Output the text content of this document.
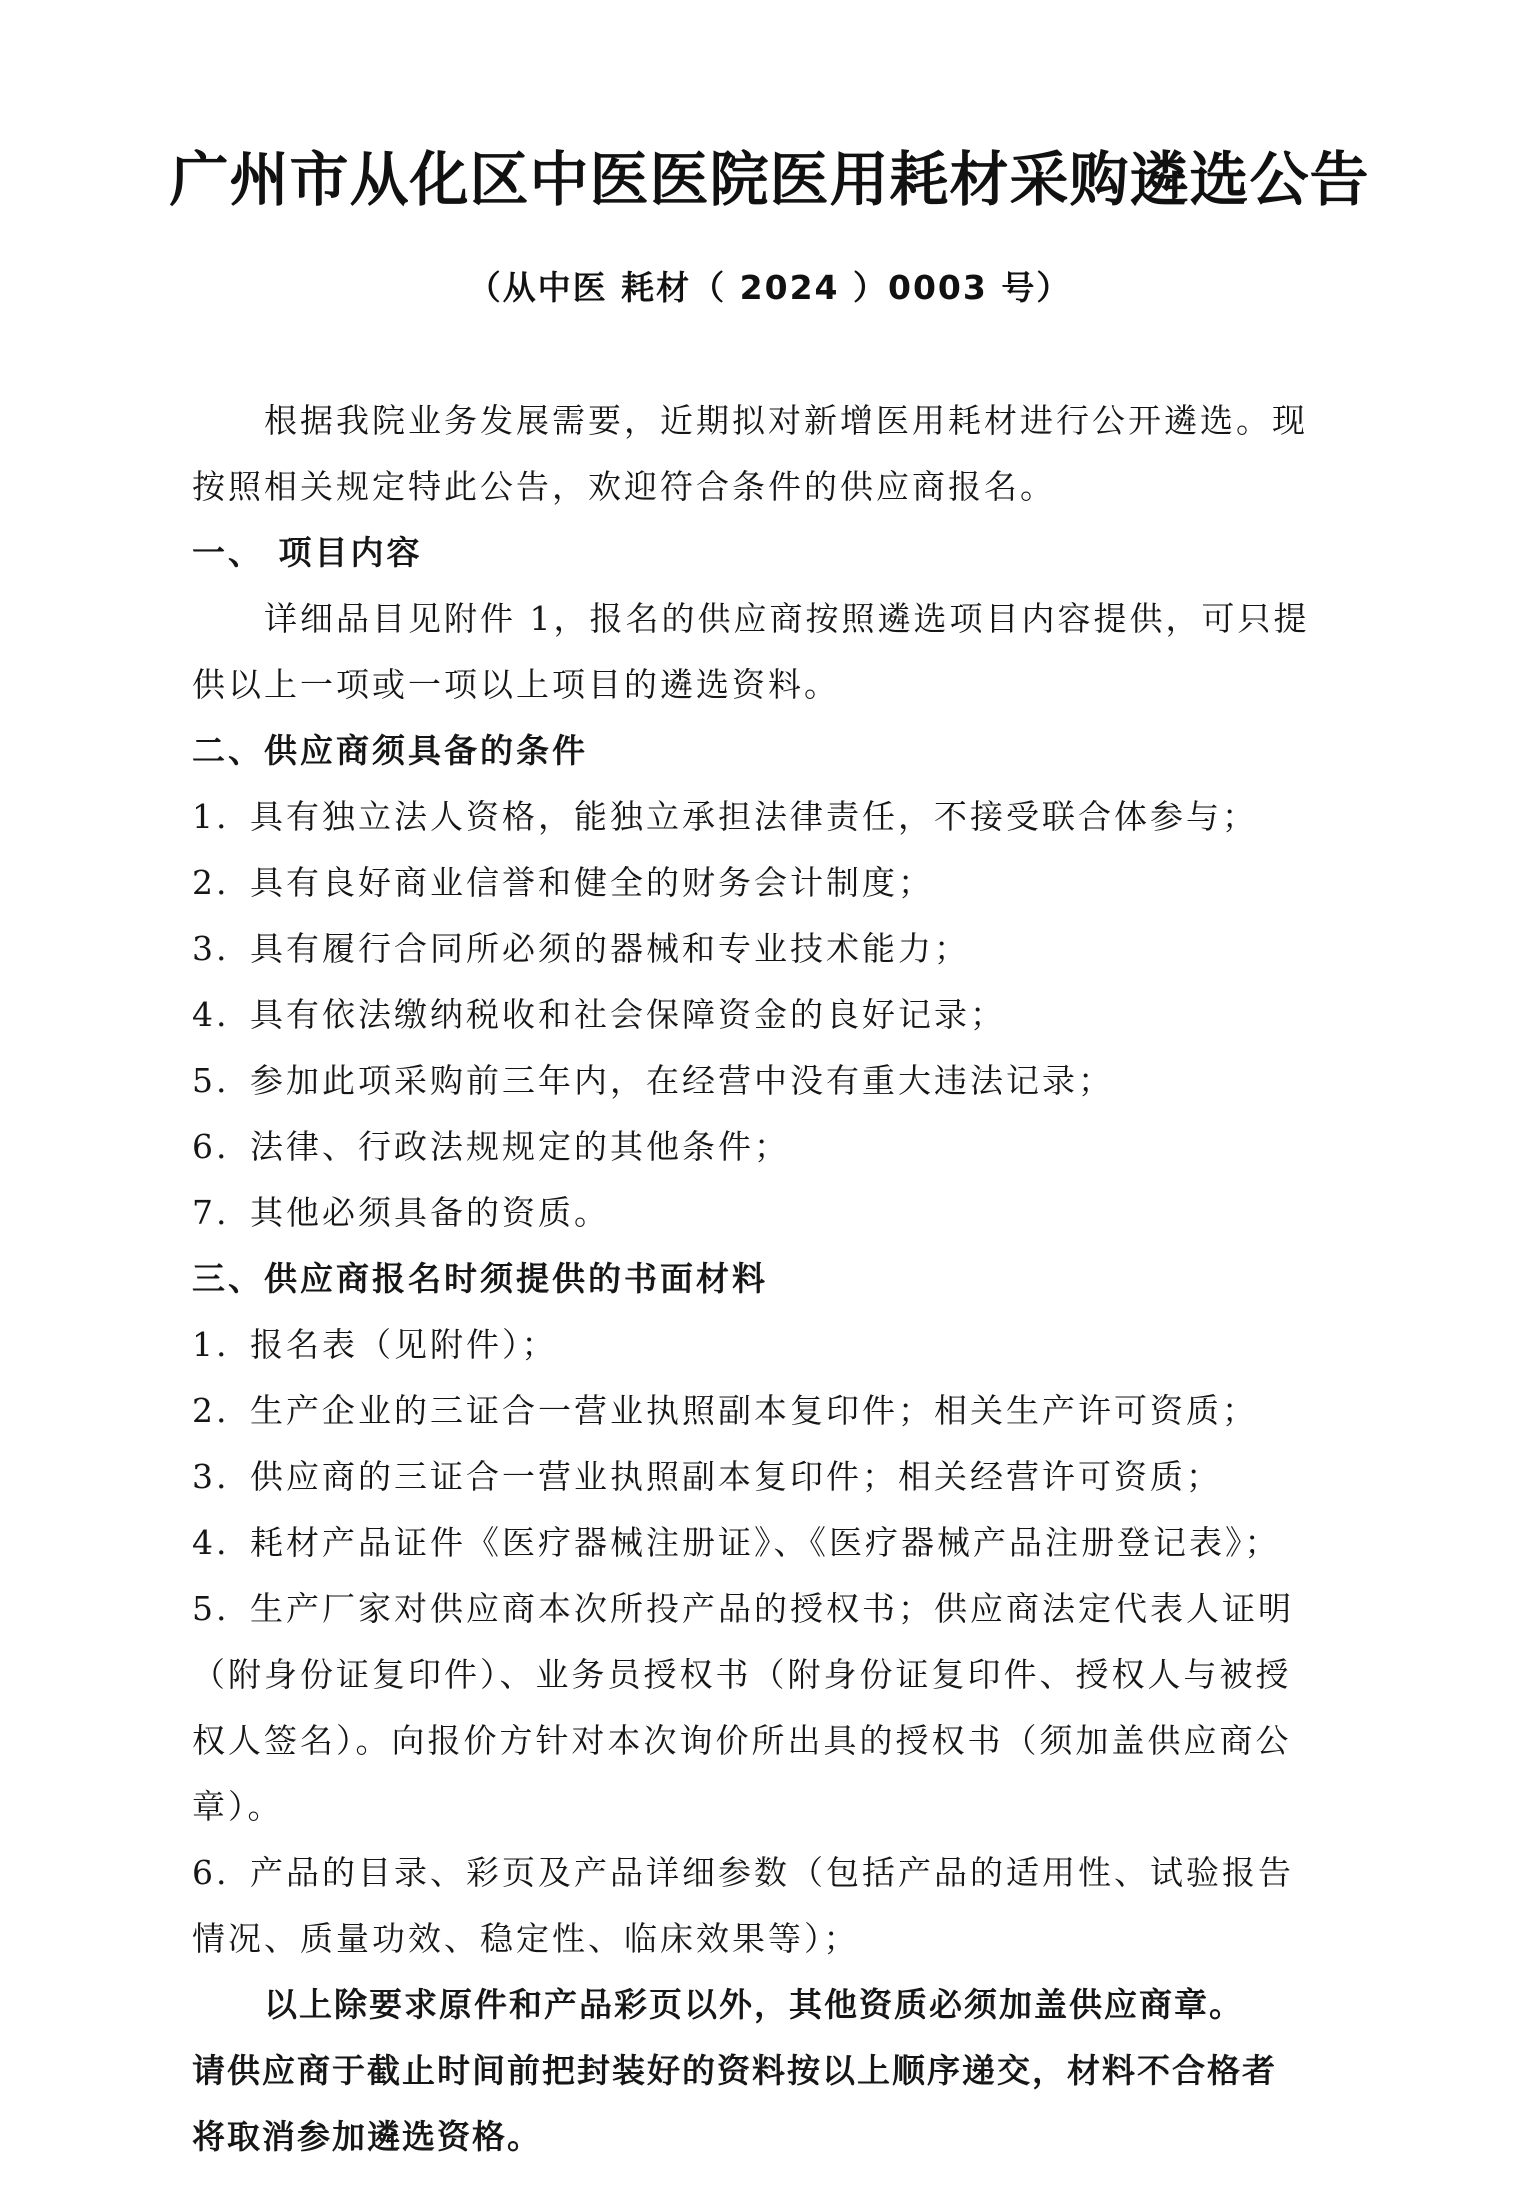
广州市从化区中医医院医用耗材采购遴选公告
（从中医 耗材（ 2024 ）0003 号）
根据我院业务发展需要，近期拟对新增医用耗材进行公开遴选。现
按照相关规定特此公告，欢迎符合条件的供应商报名。
一、 项目内容
详细品目见附件 1，报名的供应商按照遴选项目内容提供，可只提
供以上一项或一项以上项目的遴选资料。
二、供应商须具备的条件
1. 具有独立法人资格，能独立承担法律责任，不接受联合体参与；
2. 具有良好商业信誉和健全的财务会计制度；
3. 具有履行合同所必须的器械和专业技术能力；
4. 具有依法缴纳税收和社会保障资金的良好记录；
5. 参加此项采购前三年内，在经营中没有重大违法记录；
6. 法律、行政法规规定的其他条件；
7. 其他必须具备的资质。
三、供应商报名时须提供的书面材料
1. 报名表（见附件）；
2. 生产企业的三证合一营业执照副本复印件；相关生产许可资质；
3. 供应商的三证合一营业执照副本复印件；相关经营许可资质；
4. 耗材产品证件《医疗器械注册证》、《医疗器械产品注册登记表》；
5. 生产厂家对供应商本次所投产品的授权书；供应商法定代表人证明
（附身份证复印件）、业务员授权书（附身份证复印件、授权人与被授
权人签名）。向报价方针对本次询价所出具的授权书（须加盖供应商公
章）。
6. 产品的目录、彩页及产品详细参数（包括产品的适用性、试验报告
情况、质量功效、稳定性、临床效果等）；
以上除要求原件和产品彩页以外，其他资质必须加盖供应商章。
请供应商于截止时间前把封装好的资料按以上顺序递交，材料不合格者
将取消参加遴选资格。
